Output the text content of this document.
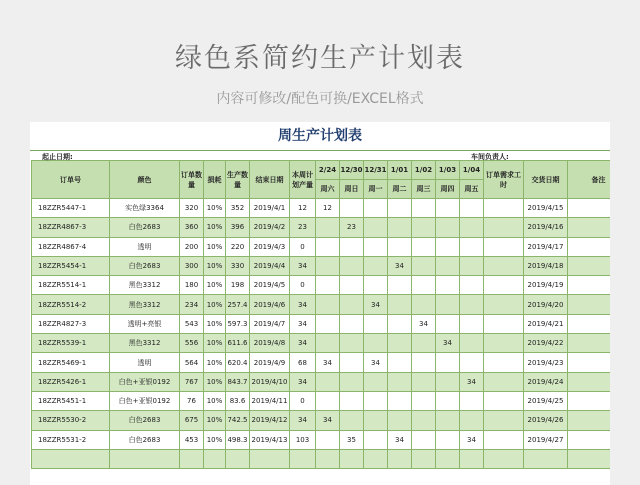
绿色系简约生产计划表
内容可修改/配色可换/EXCEL格式
周生产计划表
起止日期:	车间负责人:
订单号	颜色	订单数量	损耗	生产数量	结束日期	本周计划产量	2/24	12/30	12/31	1/01	1/02	1/03	1/04	订单需求工时	交货日期	备注
							周六	周日	周一	周二	周三	周四	周五			
18ZZR5447-1	实色绿3364	320	10%	352	2019/4/1	12	12								2019/4/15	
18ZZR4867-3	白色2683	360	10%	396	2019/4/2	23		23							2019/4/16	
18ZZR4867-4	透明	200	10%	220	2019/4/3	0									2019/4/17	
18ZZR5454-1	白色2683	300	10%	330	2019/4/4	34				34					2019/4/18	
18ZZR5514-1	黑色3312	180	10%	198	2019/4/5	0									2019/4/19	
18ZZR5514-2	黑色3312	234	10%	257.4	2019/4/6	34			34						2019/4/20	
18ZZR4827-3	透明+亮银	543	10%	597.3	2019/4/7	34					34				2019/4/21	
18ZZR5539-1	黑色3312	556	10%	611.6	2019/4/8	34						34			2019/4/22	
18ZZR5469-1	透明	564	10%	620.4	2019/4/9	68	34		34						2019/4/23	
18ZZR5426-1	白色+亚银0192	767	10%	843.7	2019/4/10	34							34		2019/4/24	
18ZZR5451-1	白色+亚银0192	76	10%	83.6	2019/4/11	0									2019/4/25	
18ZZR5530-2	白色2683	675	10%	742.5	2019/4/12	34	34								2019/4/26	
18ZZR5531-2	白色2683	453	10%	498.3	2019/4/13	103		35		34			34		2019/4/27	
